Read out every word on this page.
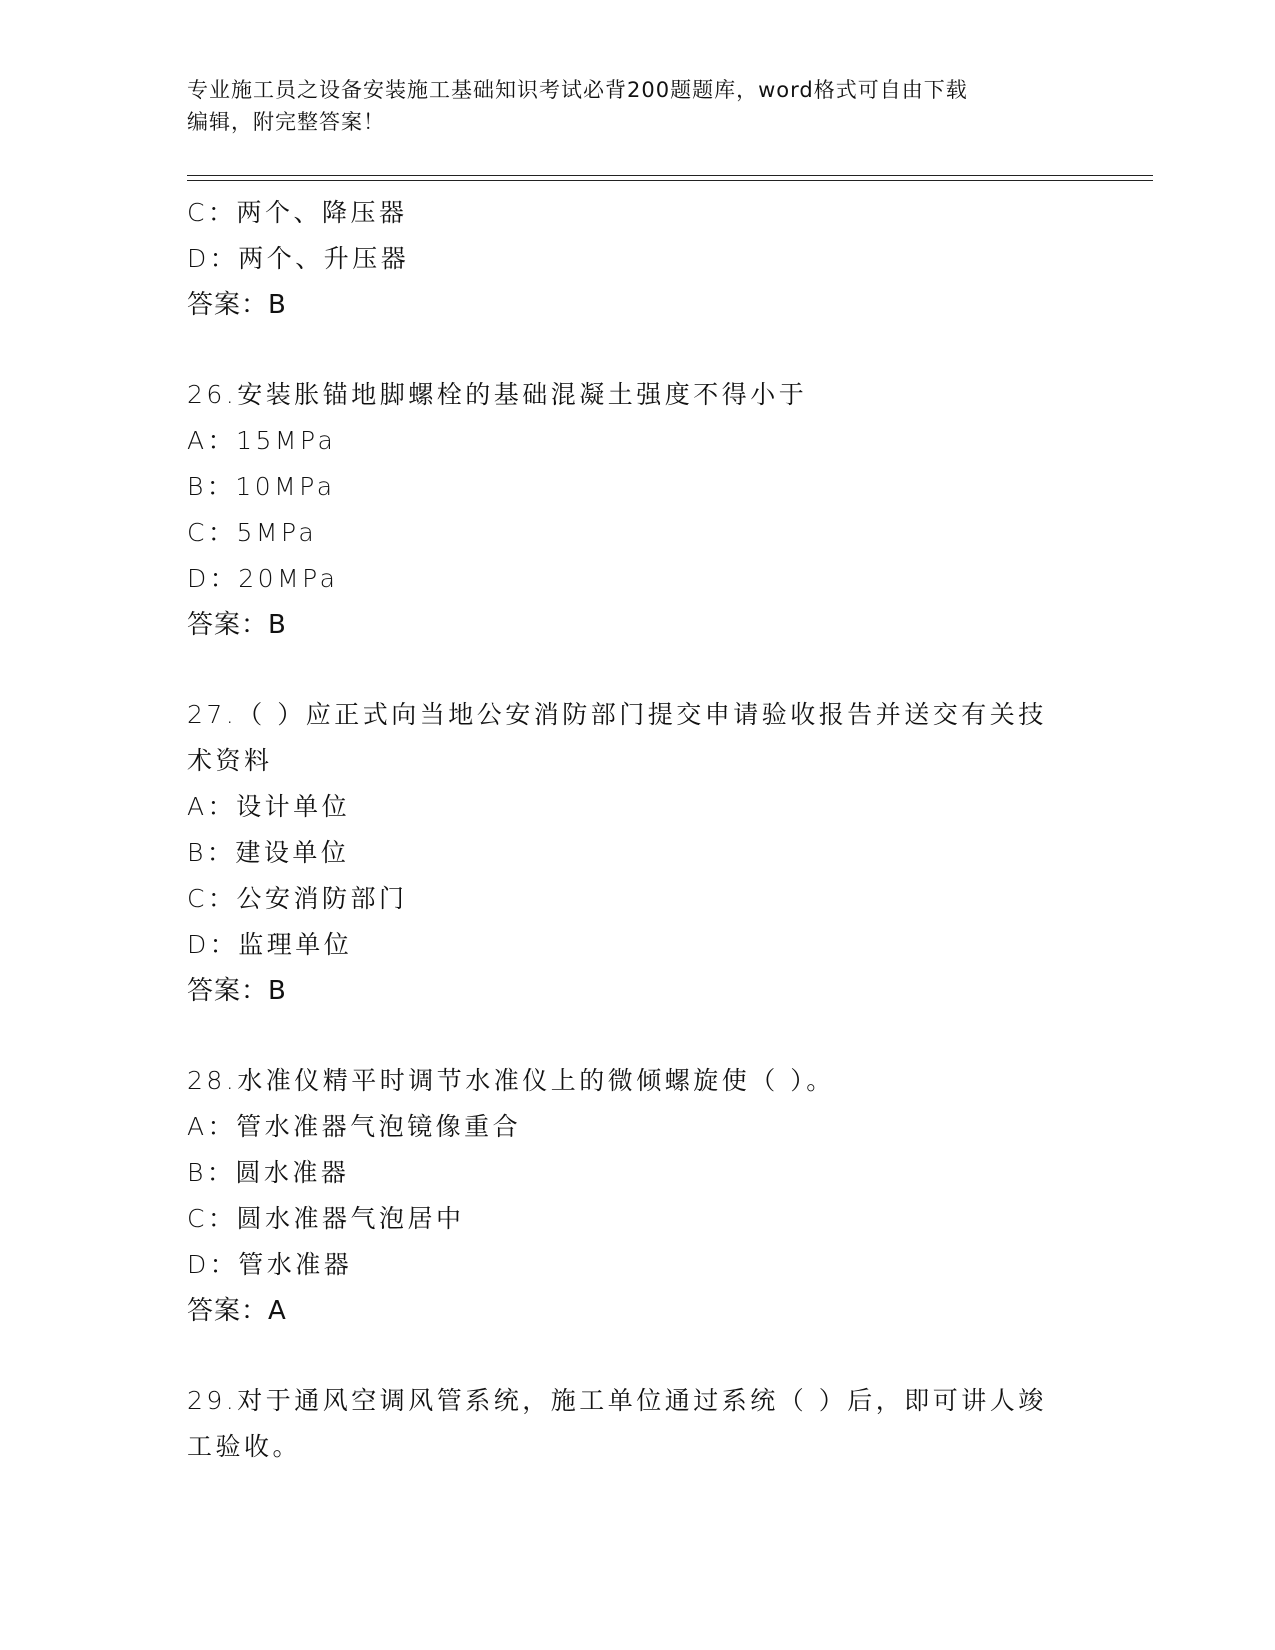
专业施工员之设备安装施工基础知识考试必背200题题库，word格式可自由下载
编辑，附完整答案！
C：两个、降压器
D：两个、升压器
答案：B
26.安装胀锚地脚螺栓的基础混凝土强度不得小于
A：15MPa
B：10MPa
C：5MPa
D：20MPa
答案：B
27.（ ）应正式向当地公安消防部门提交申请验收报告并送交有关技
术资料
A：设计单位
B：建设单位
C：公安消防部门
D：监理单位
答案：B
28.水准仪精平时调节水准仪上的微倾螺旋使（ ）。
A：管水准器气泡镜像重合
B：圆水准器
C：圆水准器气泡居中
D：管水准器
答案：A
29.对于通风空调风管系统，施工单位通过系统（ ）后，即可讲人竣
工验收。
